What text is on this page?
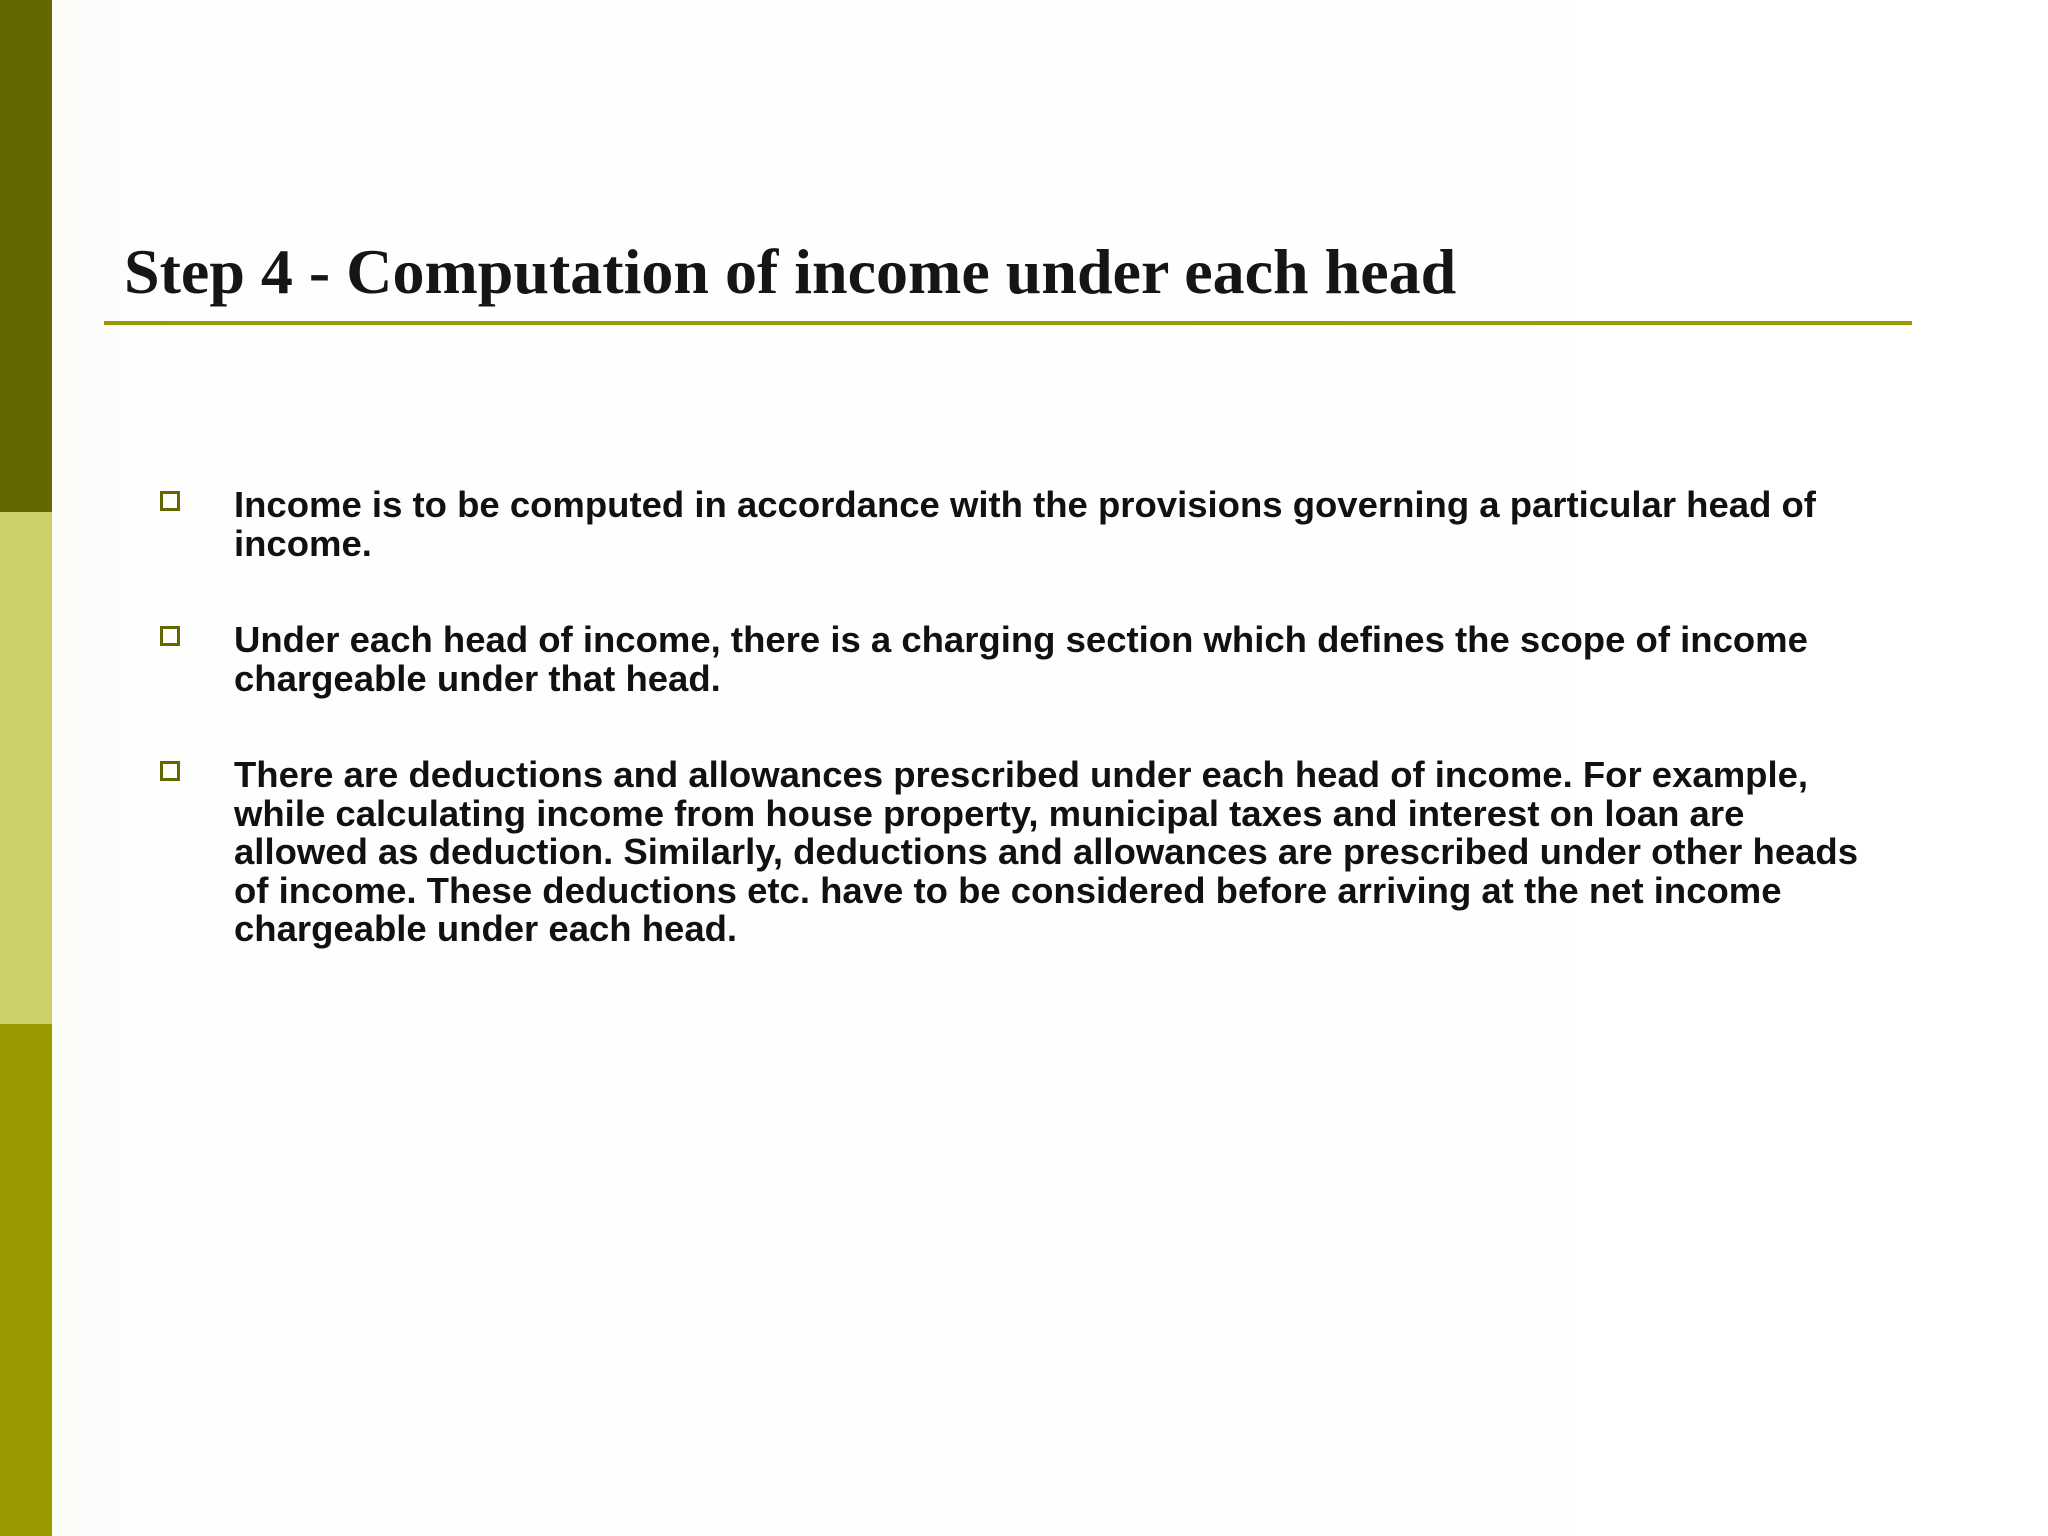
Step 4 - Computation of income under each head
Income is to be computed in accordance with the provisions governing a particular head of income.
Under each head of income, there is a charging section which defines the scope of income chargeable under that head.
There are deductions and allowances prescribed under each head of income. For example, while calculating income from house property, municipal taxes and interest on loan are allowed as deduction. Similarly, deductions and allowances are prescribed under other heads of income. These deductions etc. have to be considered before arriving at the net income chargeable under each head.
